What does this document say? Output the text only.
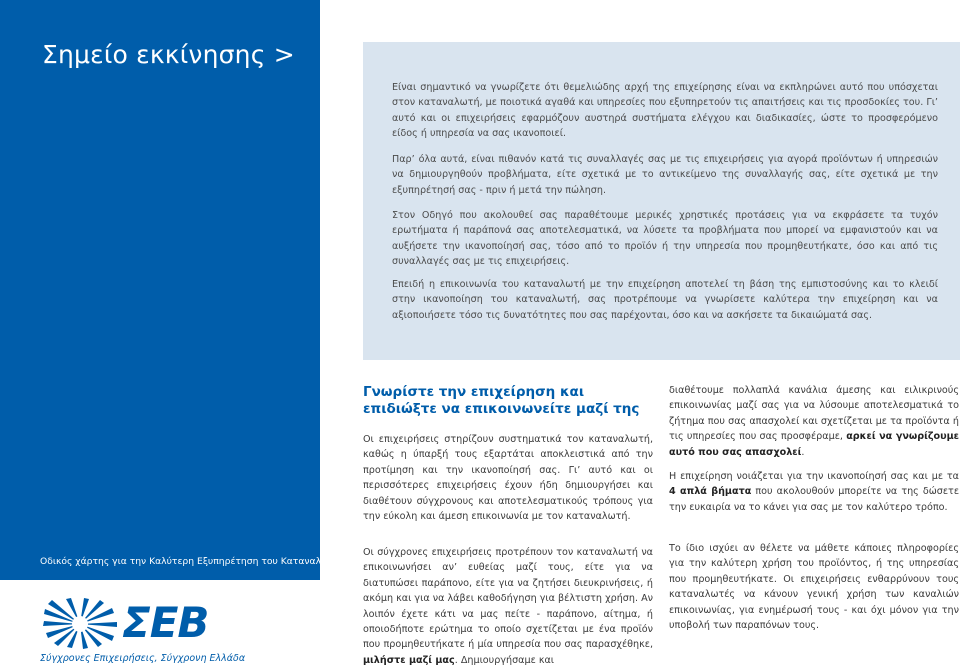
Σημείο εκκίνησης >
Οδικός χάρτης για την Καλύτερη Εξυπηρέτηση του Καταναλωτή
ΣΕΒ
Σύγχρονες Επιχειρήσεις, Σύγχρονη Ελλάδα

Είναι σημαντικό να γνωρίζετε ότι θεμελιώδης αρχή της επιχείρησης είναι να εκπληρώνει αυτό που υπόσχεται στον καταναλωτή, με ποιοτικά αγαθά και υπηρεσίες που εξυπηρετούν τις απαιτήσεις και τις προσδοκίες του. Γι’ αυτό και οι επιχειρήσεις εφαρμόζουν αυστηρά συστήματα ελέγχου και διαδικασίες, ώστε το προσφερόμενο είδος ή υπηρεσία να σας ικανοποιεί.

Παρ’ όλα αυτά, είναι πιθανόν κατά τις συναλλαγές σας με τις επιχειρήσεις για αγορά προϊόντων ή υπηρεσιών να δημιουργηθούν προβλήματα, είτε σχετικά με το αντικείμενο της συναλλαγής σας, είτε σχετικά με την εξυπηρέτησή σας - πριν ή μετά την πώληση.

Στον Οδηγό που ακολουθεί σας παραθέτουμε μερικές χρηστικές προτάσεις για να εκφράσετε τα τυχόν ερωτήματα ή παράπονά σας αποτελεσματικά, να λύσετε τα προβλήματα που μπορεί να εμφανιστούν και να αυξήσετε την ικανοποίησή σας, τόσο από το προϊόν ή την υπηρεσία που προμηθευτήκατε, όσο και από τις συναλλαγές σας με τις επιχειρήσεις.

Επειδή η επικοινωνία του καταναλωτή με την επιχείρηση αποτελεί τη βάση της εμπιστοσύνης και το κλειδί στην ικανοποίηση του καταναλωτή, σας προτρέπουμε να γνωρίσετε καλύτερα την επιχείρηση και να αξιοποιήσετε τόσο τις δυνατότητες που σας παρέχονται, όσο και να ασκήσετε τα δικαιώματά σας.

Γνωρίστε την επιχείρηση και επιδιώξτε να επικοινωνείτε μαζί της

Οι επιχειρήσεις στηρίζουν συστηματικά τον καταναλωτή, καθώς η ύπαρξή τους εξαρτάται αποκλειστικά από την προτίμηση και την ικανοποίησή σας. Γι’ αυτό και οι περισσότερες επιχειρήσεις έχουν ήδη δημιουργήσει και διαθέτουν σύγχρονους και αποτελεσματικούς τρόπους για την εύκολη και άμεση επικοινωνία με τον καταναλωτή.

Οι σύγχρονες επιχειρήσεις προτρέπουν τον καταναλωτή να επικοινωνήσει αν’ ευθείας μαζί τους, είτε για να διατυπώσει παράπονο, είτε για να ζητήσει διευκρινήσεις, ή ακόμη και για να λάβει καθοδήγηση για βέλτιστη χρήση. Αν λοιπόν έχετε κάτι να μας πείτε - παράπονο, αίτημα, ή οποιοδήποτε ερώτημα το οποίο σχετίζεται με ένα προϊόν που προμηθευτήκατε ή μία υπηρεσία που σας παρασχέθηκε, μιλήστε μαζί μας. Δημιουργήσαμε και

διαθέτουμε πολλαπλά κανάλια άμεσης και ειλικρινούς επικοινωνίας μαζί σας για να λύσουμε αποτελεσματικά το ζήτημα που σας απασχολεί και σχετίζεται με τα προϊόντα ή τις υπηρεσίες που σας προσφέραμε, αρκεί να γνωρίζουμε αυτό που σας απασχολεί.

Η επιχείρηση νοιάζεται για την ικανοποίησή σας και με τα 4 απλά βήματα που ακολουθούν μπορείτε να της δώσετε την ευκαιρία να το κάνει για σας με τον καλύτερο τρόπο.

Το ίδιο ισχύει αν θέλετε να μάθετε κάποιες πληροφορίες για την καλύτερη χρήση του προϊόντος, ή της υπηρεσίας που προμηθευτήκατε. Οι επιχειρήσεις ενθαρρύνουν τους καταναλωτές να κάνουν γενική χρήση των καναλιών επικοινωνίας, για ενημέρωσή τους - και όχι μόνον για την υποβολή των παραπόνων τους.
